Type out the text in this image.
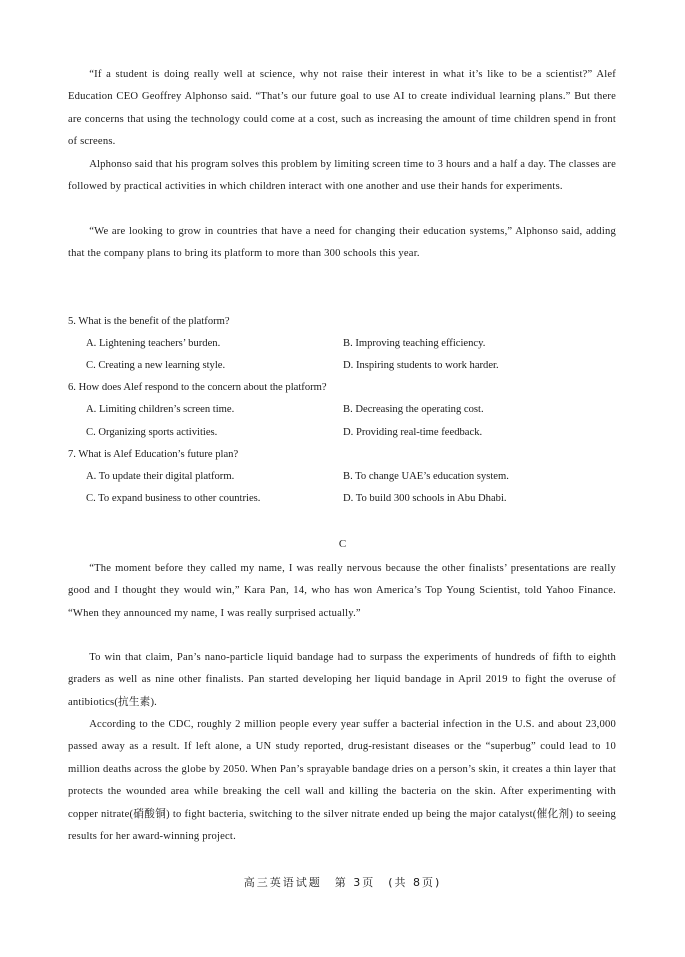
“If a student is doing really well at science, why not raise their interest in what it’s like to be a scientist?” Alef Education CEO Geoffrey Alphonso said. “That’s our future goal to use AI to create individual learning plans.” But there are concerns that using the technology could come at a cost, such as increasing the amount of time children spend in front of screens.

Alphonso said that his program solves this problem by limiting screen time to 3 hours and a half a day. The classes are followed by practical activities in which children interact with one another and use their hands for experiments.

“We are looking to grow in countries that have a need for changing their education systems,” Alphonso said, adding that the company plans to bring its platform to more than 300 schools this year.

5. What is the benefit of the platform?

A. Lightening teachers’ burden.	B. Improving teaching efficiency.

C. Creating a new learning style.	D. Inspiring students to work harder.

6. How does Alef respond to the concern about the platform?

A. Limiting children’s screen time.	B. Decreasing the operating cost.

C. Organizing sports activities.	D. Providing real-time feedback.

7. What is Alef Education’s future plan?

A. To update their digital platform.	B. To change UAE’s education system.

C. To expand business to other countries.	D. To build 300 schools in Abu Dhabi.

C

“The moment before they called my name, I was really nervous because the other finalists’ presentations are really good and I thought they would win,” Kara Pan, 14, who has won America’s Top Young Scientist, told Yahoo Finance. “When they announced my name, I was really surprised actually.”

To win that claim, Pan’s nano-particle liquid bandage had to surpass the experiments of hundreds of fifth to eighth graders as well as nine other finalists. Pan started developing her liquid bandage in April 2019 to fight the overuse of antibiotics(抗生素).

According to the CDC, roughly 2 million people every year suffer a bacterial infection in the U.S. and about 23,000 passed away as a result. If left alone, a UN study reported, drug-resistant diseases or the “superbug” could lead to 10 million deaths across the globe by 2050. When Pan’s sprayable bandage dries on a person’s skin, it creates a thin layer that protects the wounded area while breaking the cell wall and killing the bacteria on the skin. After experimenting with copper nitrate(硝酸铜) to fight bacteria, switching to the silver nitrate ended up being the major catalyst(催化剂) to seeing results for her award-winning project.

高三英语试题　第 3页　(共 8页)
